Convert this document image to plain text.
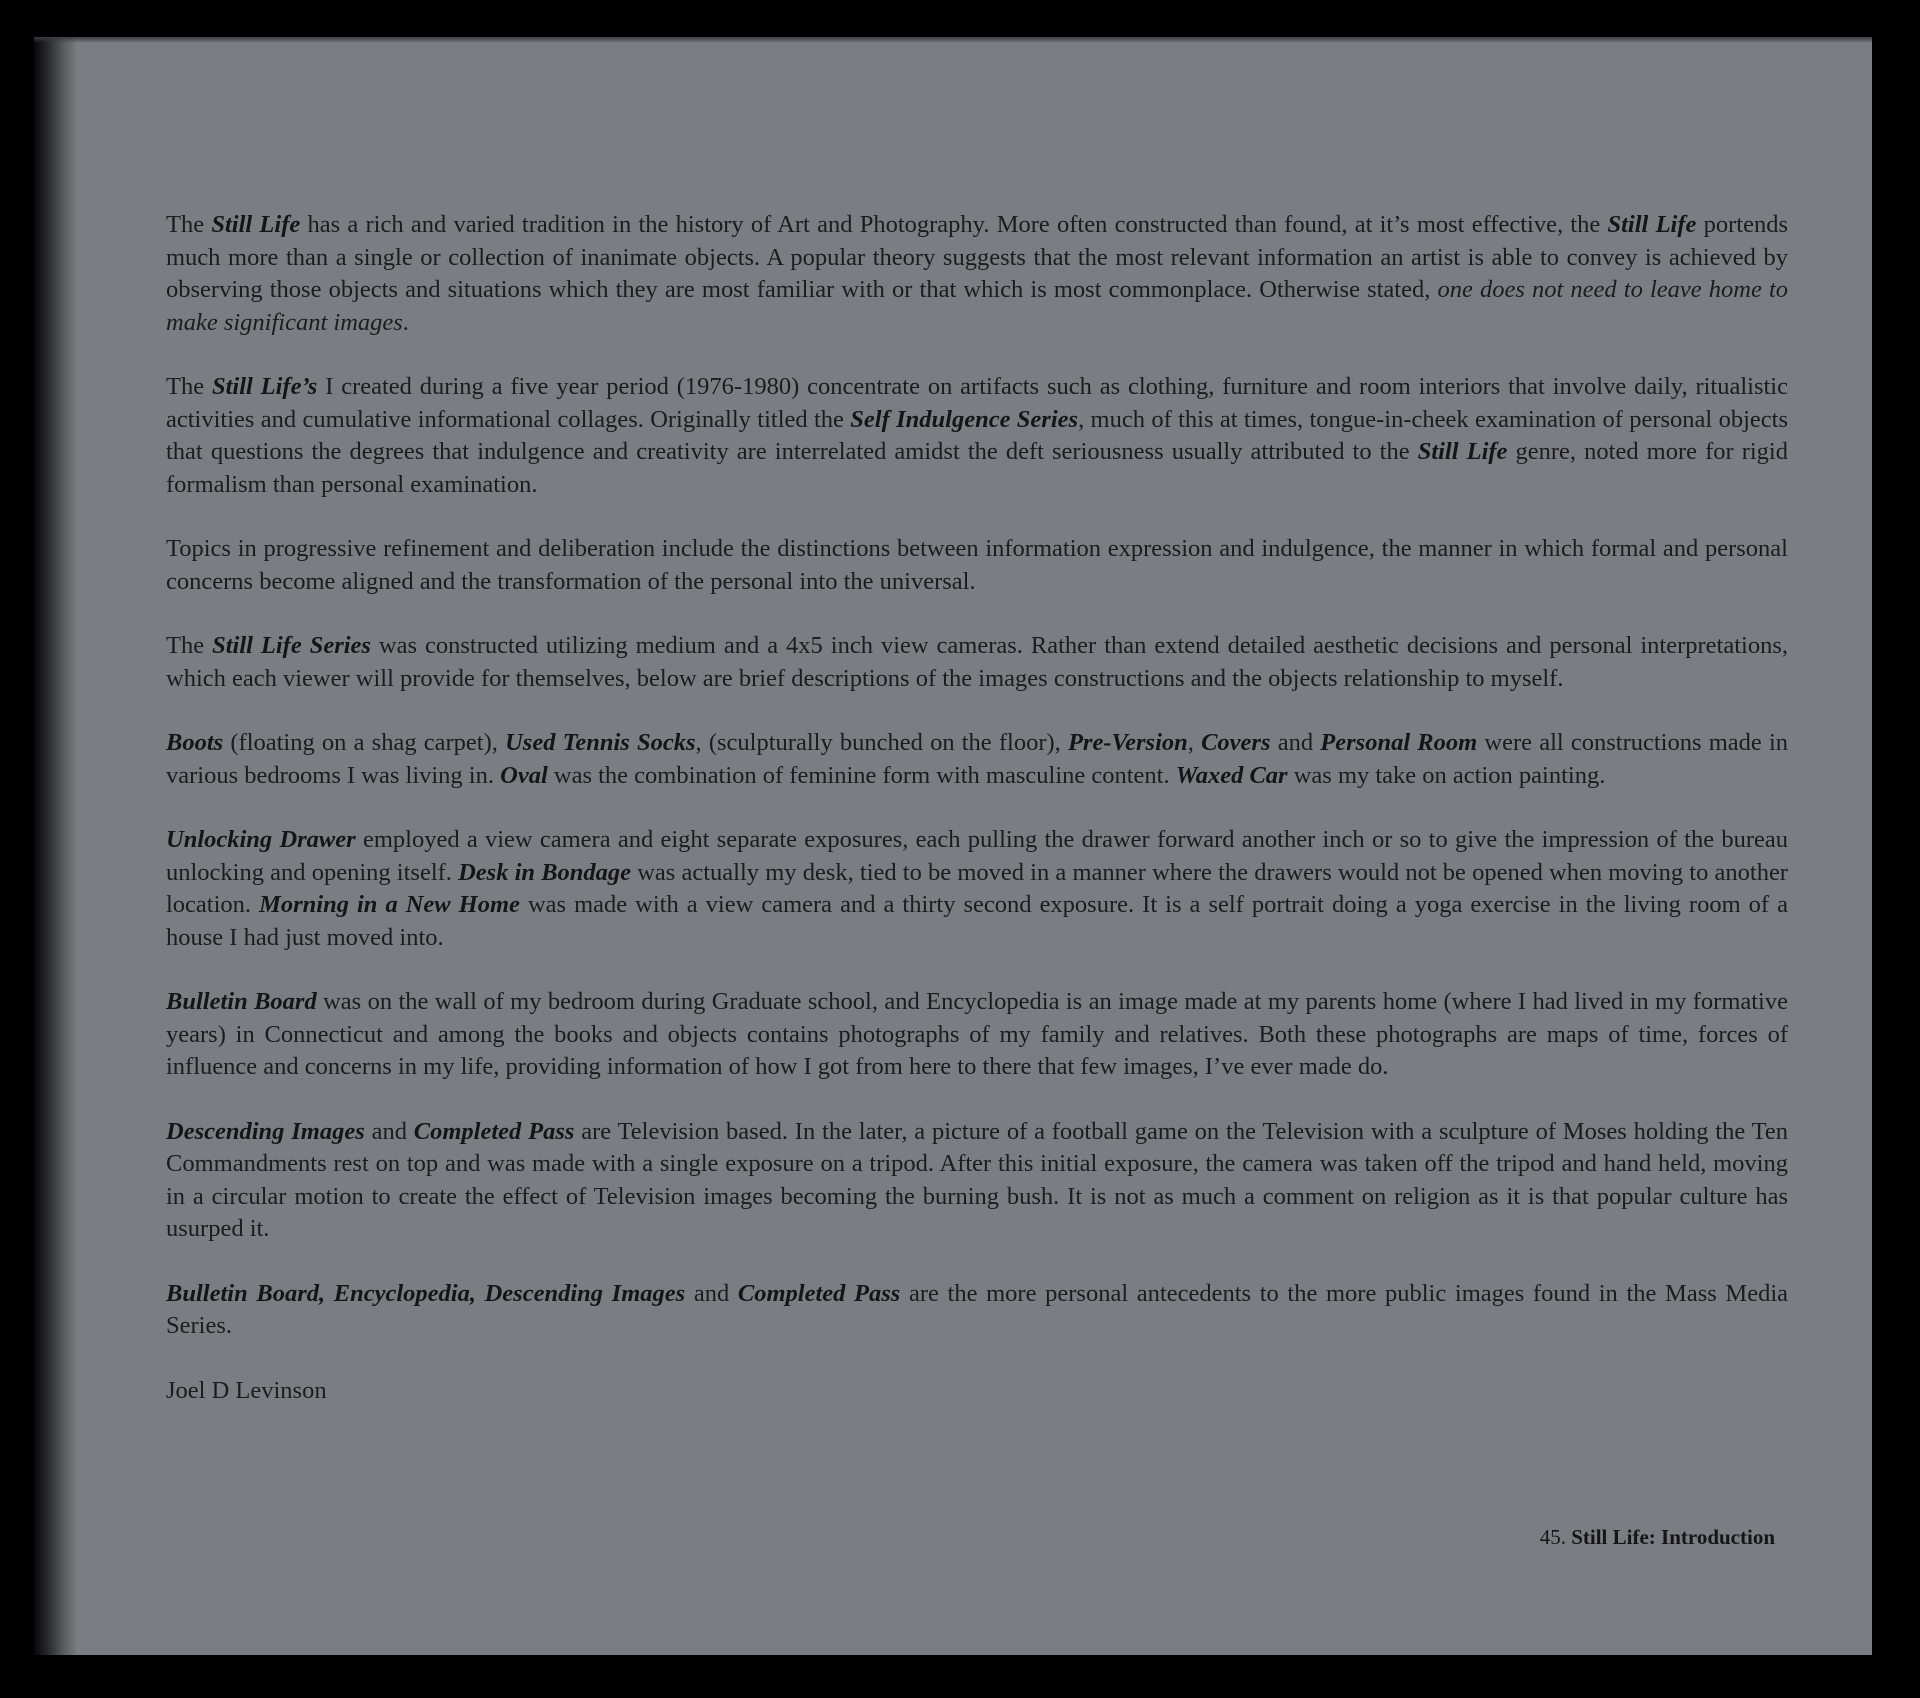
The Still Life has a rich and varied tradition in the history of Art and Photography. More often constructed than found, at it’s most effective, the Still Life portends much more than a single or collection of inanimate objects. A popular theory suggests that the most relevant information an artist is able to convey is achieved by observing those objects and situations which they are most familiar with or that which is most commonplace. Otherwise stated, one does not need to leave home to make significant images.

The Still Life’s I created during a five year period (1976-1980) concentrate on artifacts such as clothing, furniture and room interiors that involve daily, ritualistic activities and cumulative informational collages. Originally titled the Self Indulgence Series, much of this at times, tongue-in-cheek examination of personal objects that questions the degrees that indulgence and creativity are interrelated amidst the deft seriousness usually attributed to the Still Life genre, noted more for rigid formalism than personal examination.

Topics in progressive refinement and deliberation include the distinctions between information expression and indulgence, the manner in which formal and personal concerns become aligned and the transformation of the personal into the universal.

The Still Life Series was constructed utilizing medium and a 4x5 inch view cameras. Rather than extend detailed aesthetic decisions and personal interpretations, which each viewer will provide for themselves, below are brief descriptions of the images constructions and the objects relationship to myself.

Boots (floating on a shag carpet), Used Tennis Socks, (sculpturally bunched on the floor), Pre-Version, Covers and Personal Room were all constructions made in various bedrooms I was living in. Oval was the combination of feminine form with masculine content. Waxed Car was my take on action painting.

Unlocking Drawer employed a view camera and eight separate exposures, each pulling the drawer forward another inch or so to give the impression of the bureau unlocking and opening itself. Desk in Bondage was actually my desk, tied to be moved in a manner where the drawers would not be opened when moving to another location. Morning in a New Home was made with a view camera and a thirty second exposure. It is a self portrait doing a yoga exercise in the living room of a house I had just moved into.

Bulletin Board was on the wall of my bedroom during Graduate school, and Encyclopedia is an image made at my parents home (where I had lived in my formative years) in Connecticut and among the books and objects contains photographs of my family and relatives. Both these photographs are maps of time, forces of influence and concerns in my life, providing information of how I got from here to there that few images, I’ve ever made do.

Descending Images and Completed Pass are Television based. In the later, a picture of a football game on the Television with a sculpture of Moses holding the Ten Commandments rest on top and was made with a single exposure on a tripod. After this initial exposure, the camera was taken off the tripod and hand held, moving in a circular motion to create the effect of Television images becoming the burning bush. It is not as much a comment on religion as it is that popular culture has usurped it.

Bulletin Board, Encyclopedia, Descending Images and Completed Pass are the more personal antecedents to the more public images found in the Mass Media Series.

Joel D Levinson

45. Still Life: Introduction
